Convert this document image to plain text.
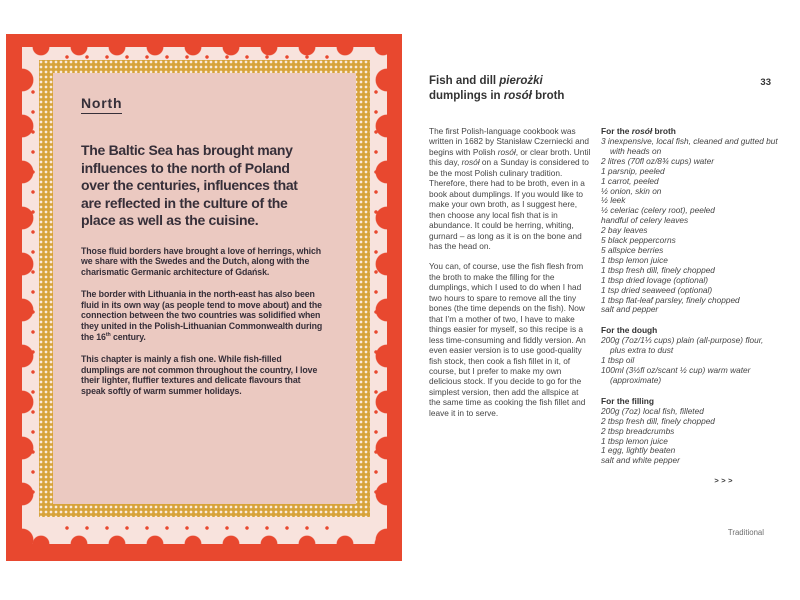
North
The Baltic Sea has brought many
influences to the north of Poland
over the centuries, influences that
are reflected in the culture of the
place as well as the cuisine.

Those fluid borders have brought a love of herrings, which we share with the Swedes and the Dutch, along with the charismatic Germanic architecture of Gdańsk.

The border with Lithuania in the north-east has also been fluid in its own way (as people tend to move about) and the connection between the two countries was solidified when they united in the Polish-Lithuanian Commonwealth during the 16th century.

This chapter is mainly a fish one. While fish-filled dumplings are not common throughout the country, I love their lighter, fluffier textures and delicate flavours that speak softly of warm summer holidays.

Fish and dill pierożki
dumplings in rosół broth
33

The first Polish-language cookbook was written in 1682 by Stanisław Czerniecki and begins with Polish rosół, or clear broth. Until this day, rosół on a Sunday is considered to be the most Polish culinary tradition. Therefore, there had to be broth, even in a book about dumplings. If you would like to make your own broth, as I suggest here, then choose any local fish that is in abundance. It could be herring, whiting, gurnard – as long as it is on the bone and has the head on.

You can, of course, use the fish flesh from the broth to make the filling for the dumplings, which I used to do when I had two hours to spare to remove all the tiny bones (the time depends on the fish). Now that I’m a mother of two, I have to make things easier for myself, so this recipe is a less time-consuming and fiddly version. An even easier version is to use good-quality fish stock, then cook a fish fillet in it, of course, but I prefer to make my own delicious stock. If you decide to go for the simplest version, then add the allspice at the same time as cooking the fish fillet and leave it in to serve.

For the rosół broth

3 inexpensive, local fish, cleaned and gutted but with heads on
2 litres (70fl oz/8¾ cups) water
1 parsnip, peeled
1 carrot, peeled
½ onion, skin on
½ leek
½ celeriac (celery root), peeled
handful of celery leaves
2 bay leaves
5 black peppercorns
5 allspice berries
1 tbsp lemon juice
1 tbsp fresh dill, finely chopped
1 tbsp dried lovage (optional)
1 tsp dried seaweed (optional)
1 tbsp flat-leaf parsley, finely chopped
salt and pepper

For the dough

200g (7oz/1⅓ cups) plain (all-purpose) flour, plus extra to dust
1 tbsp oil
100ml (3½fl oz/scant ½ cup) warm water (approximate)

For the filling

200g (7oz) local fish, filleted
2 tbsp fresh dill, finely chopped
2 tbsp breadcrumbs
1 tbsp lemon juice
1 egg, lightly beaten
salt and white pepper
>>>
Traditional
